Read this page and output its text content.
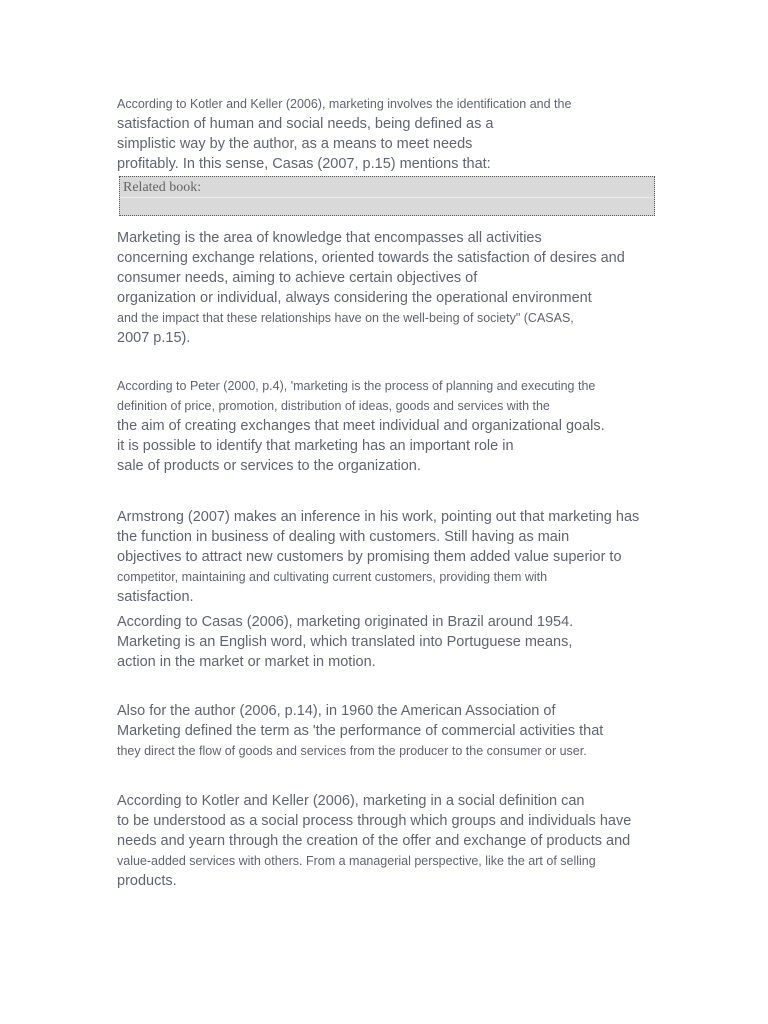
According to Kotler and Keller (2006), marketing involves the identification and the
satisfaction of human and social needs, being defined as a
simplistic way by the author, as a means to meet needs
profitably. In this sense, Casas (2007, p.15) mentions that:
Related book:
Marketing is the area of knowledge that encompasses all activities
concerning exchange relations, oriented towards the satisfaction of desires and
consumer needs, aiming to achieve certain objectives of
organization or individual, always considering the operational environment
and the impact that these relationships have on the well-being of society" (CASAS,
2007 p.15).
According to Peter (2000, p.4), 'marketing is the process of planning and executing the
definition of price, promotion, distribution of ideas, goods and services with the
the aim of creating exchanges that meet individual and organizational goals.
it is possible to identify that marketing has an important role in
sale of products or services to the organization.
Armstrong (2007) makes an inference in his work, pointing out that marketing has
the function in business of dealing with customers. Still having as main
objectives to attract new customers by promising them added value superior to
competitor, maintaining and cultivating current customers, providing them with
satisfaction.
According to Casas (2006), marketing originated in Brazil around 1954.
Marketing is an English word, which translated into Portuguese means,
action in the market or market in motion.
Also for the author (2006, p.14), in 1960 the American Association of
Marketing defined the term as 'the performance of commercial activities that
they direct the flow of goods and services from the producer to the consumer or user.
According to Kotler and Keller (2006), marketing in a social definition can
to be understood as a social process through which groups and individuals have
needs and yearn through the creation of the offer and exchange of products and
value-added services with others. From a managerial perspective, like the art of selling
products.
